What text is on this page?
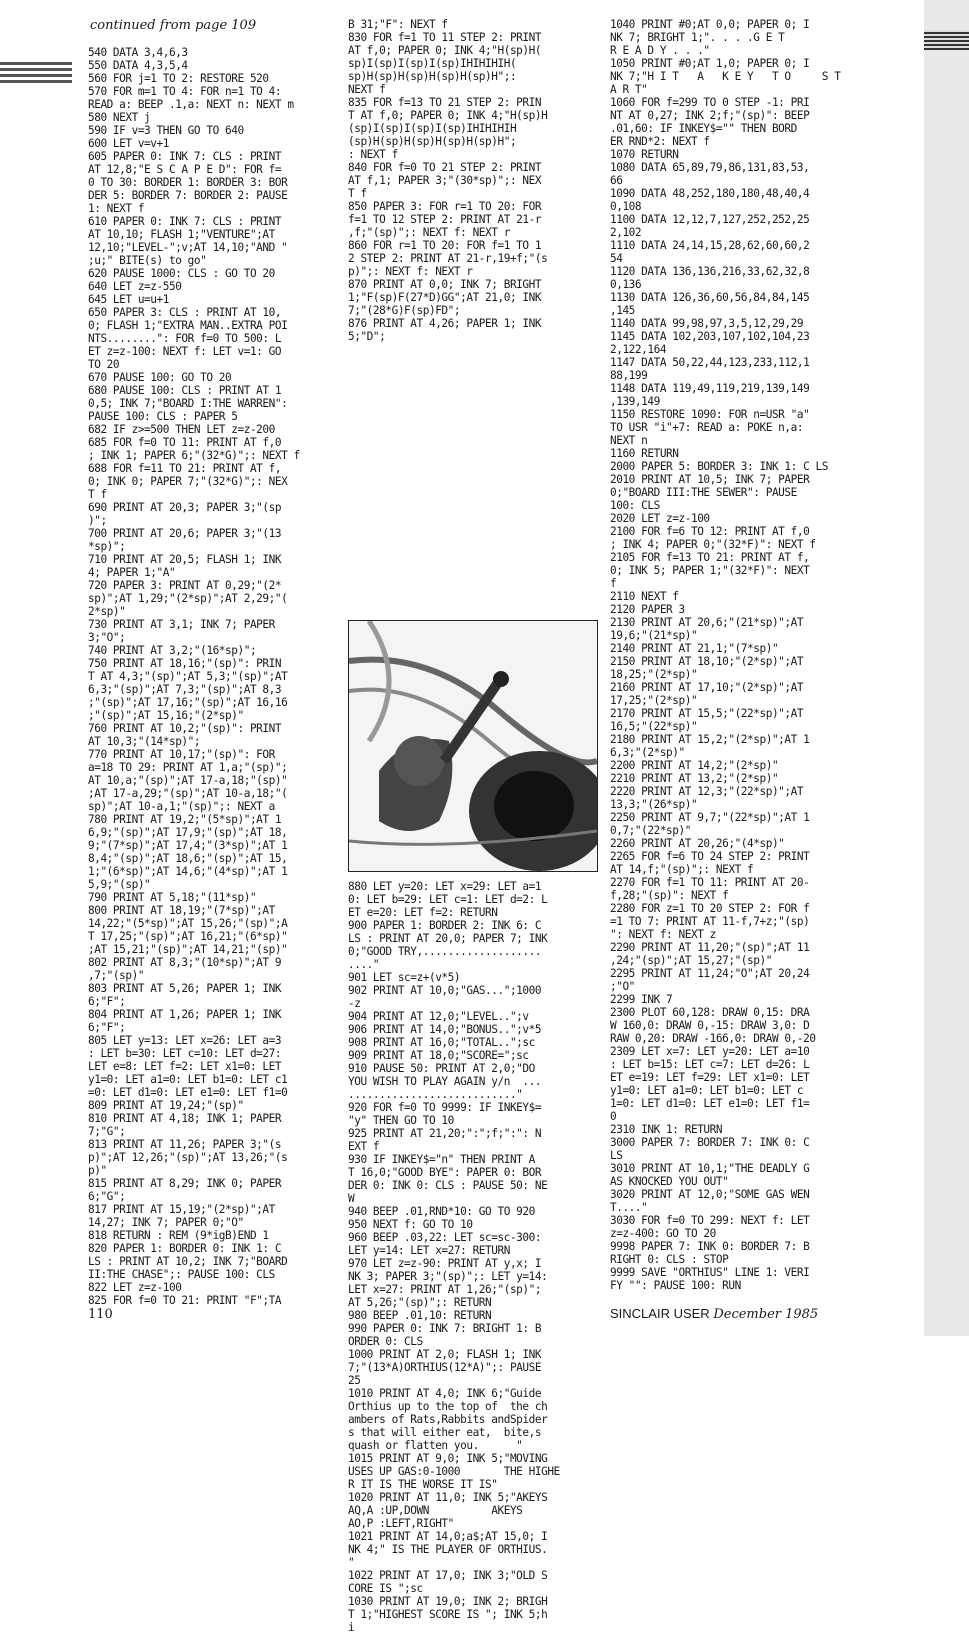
continued from page 109
540 DATA 3,4,6,3
550 DATA 4,3,5,4
560 FOR j=1 TO 2: RESTORE 520
570 FOR m=1 TO 4: FOR n=1 TO 4:
READ a: BEEP .1,a: NEXT n: NEXT m
580 NEXT j
590 IF v=3 THEN GO TO 640
600 LET v=v+1
605 PAPER 0: INK 7: CLS : PRINT
AT 12,8;"E S C A P E D": FOR f=
0 TO 30: BORDER 1: BORDER 3: BOR
DER 5: BORDER 7: BORDER 2: PAUSE
1: NEXT f
610 PAPER 0: INK 7: CLS : PRINT
AT 10,10; FLASH 1;"VENTURE";AT
12,10;"LEVEL-";v;AT 14,10;"AND "
;u;" BITE(s) to go"
620 PAUSE 1000: CLS : GO TO 20
640 LET z=z-550
645 LET u=u+1
650 PAPER 3: CLS : PRINT AT 10,
0; FLASH 1;"EXTRA MAN..EXTRA POI
NTS........": FOR f=0 TO 500: L
ET z=z-100: NEXT f: LET v=1: GO
TO 20
670 PAUSE 100: GO TO 20
680 PAUSE 100: CLS : PRINT AT 1
0,5; INK 7;"BOARD I:THE WARREN":
PAUSE 100: CLS : PAPER 5
682 IF z>=500 THEN LET z=z-200
685 FOR f=0 TO 11: PRINT AT f,0
; INK 1; PAPER 6;"(32*G)";: NEXT f
688 FOR f=11 TO 21: PRINT AT f,
0; INK 0; PAPER 7;"(32*G)";: NEX
T f
690 PRINT AT 20,3; PAPER 3;"(sp
)";
700 PRINT AT 20,6; PAPER 3;"(13
*sp)";
710 PRINT AT 20,5; FLASH 1; INK
4; PAPER 1;"A"
720 PAPER 3: PRINT AT 0,29;"(2*
sp)";AT 1,29;"(2*sp)";AT 2,29;"(
2*sp)"
730 PRINT AT 3,1; INK 7; PAPER
3;"O";
740 PRINT AT 3,2;"(16*sp)";
750 PRINT AT 18,16;"(sp)": PRIN
T AT 4,3;"(sp)";AT 5,3;"(sp)";AT
6,3;"(sp)";AT 7,3;"(sp)";AT 8,3
;"(sp)";AT 17,16;"(sp)";AT 16,16
;"(sp)";AT 15,16;"(2*sp)"
760 PRINT AT 10,2;"(sp)": PRINT
AT 10,3;"(14*sp)";
770 PRINT AT 10,17;"(sp)": FOR
a=18 TO 29: PRINT AT 1,a;"(sp)";
AT 10,a;"(sp)";AT 17-a,18;"(sp)"
;AT 17-a,29;"(sp)";AT 10-a,18;"(
sp)";AT 10-a,1;"(sp)";: NEXT a
780 PRINT AT 19,2;"(5*sp)";AT 1
6,9;"(sp)";AT 17,9;"(sp)";AT 18,
9;"(7*sp)";AT 17,4;"(3*sp)";AT 1
8,4;"(sp)";AT 18,6;"(sp)";AT 15,
1;"(6*sp)";AT 14,6;"(4*sp)";AT 1
5,9;"(sp)"
790 PRINT AT 5,18;"(11*sp)"
800 PRINT AT 18,19;"(7*sp)";AT
14,22;"(5*sp)";AT 15,26;"(sp)";A
T 17,25;"(sp)";AT 16,21;"(6*sp)"
;AT 15,21;"(sp)";AT 14,21;"(sp)"
802 PRINT AT 8,3;"(10*sp)";AT 9
,7;"(sp)"
803 PRINT AT 5,26; PAPER 1; INK
6;"F";
804 PRINT AT 1,26; PAPER 1; INK
6;"F";
805 LET y=13: LET x=26: LET a=3
: LET b=30: LET c=10: LET d=27:
LET e=8: LET f=2: LET x1=0: LET
y1=0: LET a1=0: LET b1=0: LET c1
=0: LET d1=0: LET e1=0: LET f1=0
809 PRINT AT 19,24;"(sp)"
810 PRINT AT 4,18; INK 1; PAPER
7;"G";
813 PRINT AT 11,26; PAPER 3;"(s
p)";AT 12,26;"(sp)";AT 13,26;"(s
p)"
815 PRINT AT 8,29; INK 0; PAPER
6;"G";
817 PRINT AT 15,19;"(2*sp)";AT
14,27; INK 7; PAPER 0;"O"
818 RETURN : REM (9*igB)END 1
820 PAPER 1: BORDER 0: INK 1: C
LS : PRINT AT 10,2; INK 7;"BOARD
II:THE CHASE";: PAUSE 100: CLS
822 LET z=z-100
825 FOR f=0 TO 21: PRINT "F";TA
B 31;"F": NEXT f
830 FOR f=1 TO 11 STEP 2: PRINT
AT f,0; PAPER 0; INK 4;"H(sp)H(
sp)I(sp)I(sp)I(sp)IHIHIHIH(
sp)H(sp)H(sp)H(sp)H(sp)H";:
NEXT f
835 FOR f=13 TO 21 STEP 2: PRIN
T AT f,0; PAPER 0; INK 4;"H(sp)H
(sp)I(sp)I(sp)I(sp)IHIHIHIH
(sp)H(sp)H(sp)H(sp)H(sp)H";
: NEXT f
840 FOR f=0 TO 21 STEP 2: PRINT
AT f,1; PAPER 3;"(30*sp)";: NEX
T f
850 PAPER 3: FOR r=1 TO 20: FOR
f=1 TO 12 STEP 2: PRINT AT 21-r
,f;"(sp)";: NEXT f: NEXT r
860 FOR r=1 TO 20: FOR f=1 TO 1
2 STEP 2: PRINT AT 21-r,19+f;"(s
p)";: NEXT f: NEXT r
870 PRINT AT 0,0; INK 7; BRIGHT
1;"F(sp)F(27*D)GG";AT 21,0; INK
7;"(28*G)F(sp)FD";
876 PRINT AT 4,26; PAPER 1; INK
5;"D";
880 LET y=20: LET x=29: LET a=1
0: LET b=29: LET c=1: LET d=2: L
ET e=20: LET f=2: RETURN
900 PAPER 1: BORDER 2: INK 6: C
LS : PRINT AT 20,0; PAPER 7; INK
0;"GOOD TRY,...................
...."
901 LET sc=z+(v*5)
902 PRINT AT 10,0;"GAS...";1000
-z
904 PRINT AT 12,0;"LEVEL..";v
906 PRINT AT 14,0;"BONUS..";v*5
908 PRINT AT 16,0;"TOTAL..";sc
909 PRINT AT 18,0;"SCORE=";sc
910 PAUSE 50: PRINT AT 2,0;"DO
YOU WISH TO PLAY AGAIN y/n  ...
..........................."
920 FOR f=0 TO 9999: IF INKEY$=
"y" THEN GO TO 10
925 PRINT AT 21,20;":";f;":": N
EXT f
930 IF INKEY$="n" THEN PRINT A
T 16,0;"GOOD BYE": PAPER 0: BOR
DER 0: INK 0: CLS : PAUSE 50: NE
W
940 BEEP .01,RND*10: GO TO 920
950 NEXT f: GO TO 10
960 BEEP .03,22: LET sc=sc-300:
LET y=14: LET x=27: RETURN
970 LET z=z-90: PRINT AT y,x; I
NK 3; PAPER 3;"(sp)";: LET y=14:
LET x=27: PRINT AT 1,26;"(sp)";
AT 5,26;"(sp)";: RETURN
980 BEEP .01,10: RETURN
990 PAPER 0: INK 7: BRIGHT 1: B
ORDER 0: CLS
1000 PRINT AT 2,0; FLASH 1; INK
7;"(13*A)ORTHIUS(12*A)";: PAUSE
25
1010 PRINT AT 4,0; INK 6;"Guide
Orthius up to the top of  the ch
ambers of Rats,Rabbits andSpider
s that will either eat,  bite,s
quash or flatten you.      "
1015 PRINT AT 9,0; INK 5;"MOVING
USES UP GAS:0-1000       THE HIGHE
R IT IS THE WORSE IT IS"
1020 PRINT AT 11,0; INK 5;"AKEYS
AQ,A :UP,DOWN          AKEYS
AO,P :LEFT,RIGHT"
1021 PRINT AT 14,0;a$;AT 15,0; I
NK 4;" IS THE PLAYER OF ORTHIUS.
"
1022 PRINT AT 17,0; INK 3;"OLD S
CORE IS ";sc
1030 PRINT AT 19,0; INK 2; BRIGH
T 1;"HIGHEST SCORE IS "; INK 5;h
i
1040 PRINT #0;AT 0,0; PAPER 0; I
NK 7; BRIGHT 1;". . . .G E T
R E A D Y . . ."
1050 PRINT #0;AT 1,0; PAPER 0; I
NK 7;"H I T   A   K E Y   T O     S T
A R T"
1060 FOR f=299 TO 0 STEP -1: PRI
NT AT 0,27; INK 2;f;"(sp)": BEEP
.01,60: IF INKEY$="" THEN BORD
ER RND*2: NEXT f
1070 RETURN
1080 DATA 65,89,79,86,131,83,53,
66
1090 DATA 48,252,180,180,48,40,4
0,108
1100 DATA 12,12,7,127,252,252,25
2,102
1110 DATA 24,14,15,28,62,60,60,2
54
1120 DATA 136,136,216,33,62,32,8
0,136
1130 DATA 126,36,60,56,84,84,145
,145
1140 DATA 99,98,97,3,5,12,29,29
1145 DATA 102,203,107,102,104,23
2,122,164
1147 DATA 50,22,44,123,233,112,1
88,199
1148 DATA 119,49,119,219,139,149
,139,149
1150 RESTORE 1090: FOR n=USR "a"
TO USR "i"+7: READ a: POKE n,a:
NEXT n
1160 RETURN
2000 PAPER 5: BORDER 3: INK 1: C LS
2010 PRINT AT 10,5; INK 7; PAPER
0;"BOARD III:THE SEWER": PAUSE
100: CLS
2020 LET z=z-100
2100 FOR f=6 TO 12: PRINT AT f,0
; INK 4; PAPER 0;"(32*F)": NEXT f
2105 FOR f=13 TO 21: PRINT AT f,
0; INK 5; PAPER 1;"(32*F)": NEXT
f
2110 NEXT f
2120 PAPER 3
2130 PRINT AT 20,6;"(21*sp)";AT
19,6;"(21*sp)"
2140 PRINT AT 21,1;"(7*sp)"
2150 PRINT AT 18,10;"(2*sp)";AT
18,25;"(2*sp)"
2160 PRINT AT 17,10;"(2*sp)";AT
17,25;"(2*sp)"
2170 PRINT AT 15,5;"(22*sp)";AT
16,5;"(22*sp)"
2180 PRINT AT 15,2;"(2*sp)";AT 1
6,3;"(2*sp)"
2200 PRINT AT 14,2;"(2*sp)"
2210 PRINT AT 13,2;"(2*sp)"
2220 PRINT AT 12,3;"(22*sp)";AT
13,3;"(26*sp)"
2250 PRINT AT 9,7;"(22*sp)";AT 1
0,7;"(22*sp)"
2260 PRINT AT 20,26;"(4*sp)"
2265 FOR f=6 TO 24 STEP 2: PRINT
AT 14,f;"(sp)";: NEXT f
2270 FOR f=1 TO 11: PRINT AT 20-
f,28;"(sp)": NEXT f
2280 FOR z=1 TO 20 STEP 2: FOR f
=1 TO 7: PRINT AT 11-f,7+z;"(sp)
": NEXT f: NEXT z
2290 PRINT AT 11,20;"(sp)";AT 11
,24;"(sp)";AT 15,27;"(sp)"
2295 PRINT AT 11,24;"O";AT 20,24
;"O"
2299 INK 7
2300 PLOT 60,128: DRAW 0,15: DRA
W 160,0: DRAW 0,-15: DRAW 3,0: D
RAW 0,20: DRAW -166,0: DRAW 0,-20
2309 LET x=7: LET y=20: LET a=10
: LET b=15: LET c=7: LET d=26: L
ET e=19: LET f=29: LET x1=0: LET
y1=0: LET a1=0: LET b1=0: LET c
1=0: LET d1=0: LET e1=0: LET f1=
0
2310 INK 1: RETURN
3000 PAPER 7: BORDER 7: INK 0: C
LS
3010 PRINT AT 10,1;"THE DEADLY G
AS KNOCKED YOU OUT"
3020 PRINT AT 12,0;"SOME GAS WEN
T...."
3030 FOR f=0 TO 299: NEXT f: LET
z=z-400: GO TO 20
9998 PAPER 7: INK 0: BORDER 7: B
RIGHT 0: CLS : STOP
9999 SAVE "ORTHIUS" LINE 1: VERI
FY "": PAUSE 100: RUN
110	SINCLAIR USER December 1985
